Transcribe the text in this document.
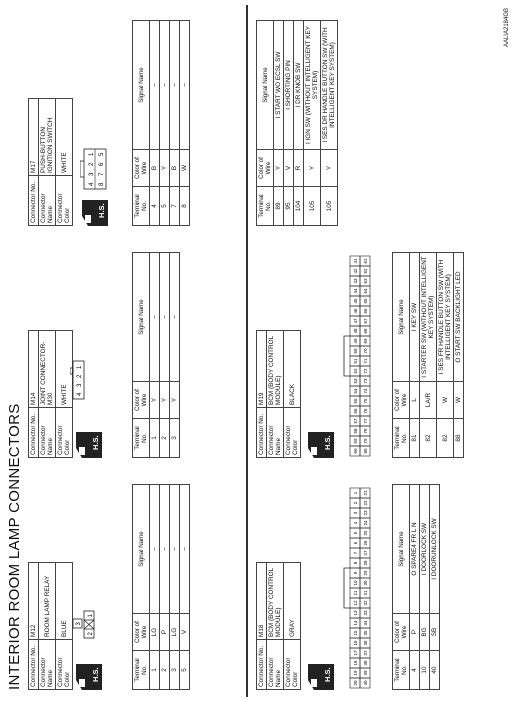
INTERIOR ROOM LAMP CONNECTORS
AALIA2184GB
Connector No.	M12
Connector Name	ROOM LAMP RELAY
Connector Color	BLUE
H.S.
3
2
1
Terminal No.	Color of Wire	Signal Name
1	LG	–
2	P	–
3	LG	–
5	V	–
Connector No.	M14
Connector Name	JOINT CONNECTOR-M30
Connector Color	WHITE
H.S.
4
3
2
1
Terminal No.	Color of Wire	Signal Name
1	Y	–
2	Y	–
3	Y	–
Connector No.	M17
Connector Name	PUSH-BUTTON IGNITION SWITCH
Connector Color	WHITE
H.S.
4
3
2
1
8
7
6
5
Terminal No.	Color of Wire	Signal Name
4	B	–
5	Y	–
7	B	–
8	W	–
Connector No.	M18
Connector Name	BCM (BODY CONTROL MODULE)
Connector Color	GRAY
H.S.
20
19
18
17
16
15
14
13
12
11
10
9
8
7
6
5
4
3
2
1
40
39
38
37
36
35
34
33
32
31
30
29
28
27
26
25
24
23
22
21
Terminal No.	Color of Wire	Signal Name
4	P	O SPARE4 FR L N
10	BG	I DOORLOCK SW
40	SB	I DOORUNLOCK SW
Connector No.	M19
Connector Name	BCM (BODY CONTROL MODULE)
Connector Color	BLACK
H.S.
60
59
58
57
56
55
54
53
52
51
50
49
48
47
46
45
44
43
42
41
80
79
78
77
76
75
74
73
72
71
70
69
68
67
66
65
64
63
62
61
Terminal No.	Color of Wire	Signal Name
81	L	I KEY SW
82	LA/R	I STARTER SW (WITHOUT INTELLIGENT KEY SYSTEM)
82	W	I SES FR HANDLE BUTTON SW (WITH INTELLIGENT KEY SYSTEM)
88	W	O START SW BACKLIGHT LED
Terminal No.	Color of Wire	Signal Name
89	Y	I START WO ECSL SW
95	V	I SHORTING PIN
104	R	I DR KNOB SW
105	Y	I IGN SW (WITHOUT INTELLIGENT KEY SYSTEM)
105	Y	I SES DR HANDLE BUTTON SW (WITH INTELLIGENT KEY SYSTEM)
